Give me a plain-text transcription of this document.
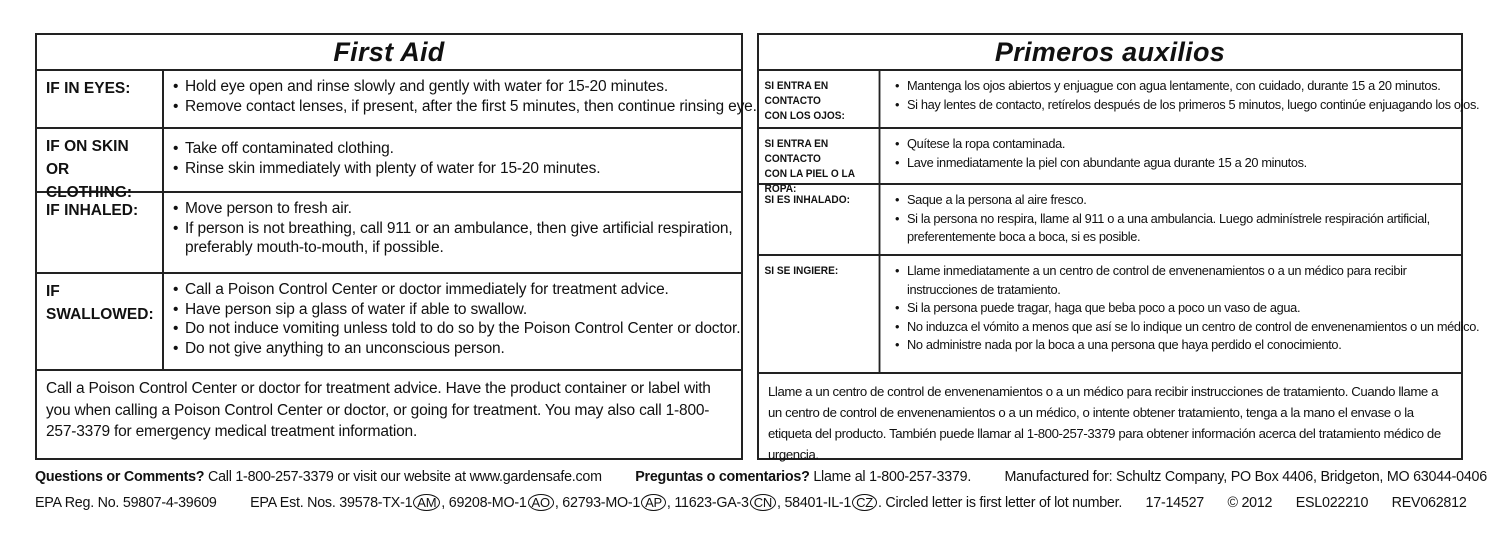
First Aid
IF IN EYES:	• Hold eye open and rinse slowly and gently with water for 15-20 minutes.
• Remove contact lenses, if present, after the first 5 minutes, then continue rinsing eye.
IF ON SKIN
OR CLOTHING:
• Take off contaminated clothing.
• Rinse skin immediately with plenty of water for 15-20 minutes.
IF INHALED:	• Move person to fresh air.
• If person is not breathing, call 911 or an ambulance, then give artificial respiration, preferably mouth-to-mouth, if possible.
IF SWALLOWED:
• Call a Poison Control Center or doctor immediately for treatment advice.
• Have person sip a glass of water if able to swallow.
• Do not induce vomiting unless told to do so by the Poison Control Center or doctor.
• Do not give anything to an unconscious person.
Call a Poison Control Center or doctor for treatment advice. Have the product container or label with you when calling a Poison Control Center or doctor, or going for treatment. You may also call 1-800-257-3379 for emergency medical treatment information.
Primeros auxilios
SI ENTRA EN CONTACTO
CON LOS OJOS:
• Mantenga los ojos abiertos y enjuague con agua lentamente, con cuidado, durante 15 a 20 minutos.
• Si hay lentes de contacto, retírelos después de los primeros 5 minutos, luego continúe enjuagando los ojos.
SI ENTRA EN CONTACTO
CON LA PIEL O LA ROPA:
• Quítese la ropa contaminada.
• Lave inmediatamente la piel con abundante agua durante 15 a 20 minutos.
SI ES INHALADO:	• Saque a la persona al aire fresco.
• Si la persona no respira, llame al 911 o a una ambulancia. Luego adminístrele respiración artificial, preferentemente boca a boca, si es posible.
SI SE INGIERE:	• Llame inmediatamente a un centro de control de envenenamientos o a un médico para recibir instrucciones de tratamiento.
• Si la persona puede tragar, haga que beba poco a poco un vaso de agua.
• No induzca el vómito a menos que así se lo indique un centro de control de envenenamientos o un médico.
• No administre nada por la boca a una persona que haya perdido el conocimiento.
Llame a un centro de control de envenenamientos o a un médico para recibir instrucciones de tratamiento. Cuando llame a un centro de control de envenenamientos o a un médico, o intente obtener tratamiento, tenga a la mano el envase o la etiqueta del producto. También puede llamar al 1-800-257-3379 para obtener información acerca del tratamiento médico de urgencia.
Questions or Comments? Call 1-800-257-3379 or visit our website at www.gardensafe.com Preguntas o comentarios? Llame al 1-800-257-3379. Manufactured for: Schultz Company, PO Box 4406, Bridgeton, MO 63044-0406
EPA Reg. No. 59807-4-39609 EPA Est. Nos. 39578-TX-1 AM , 69208-MO-1 AO , 62793-MO-1 AP , 11623-GA-3 CN , 58401-IL-1 CZ . Circled letter is first letter of lot number. 17-14527 © 2012 ESL022210 REV062812
